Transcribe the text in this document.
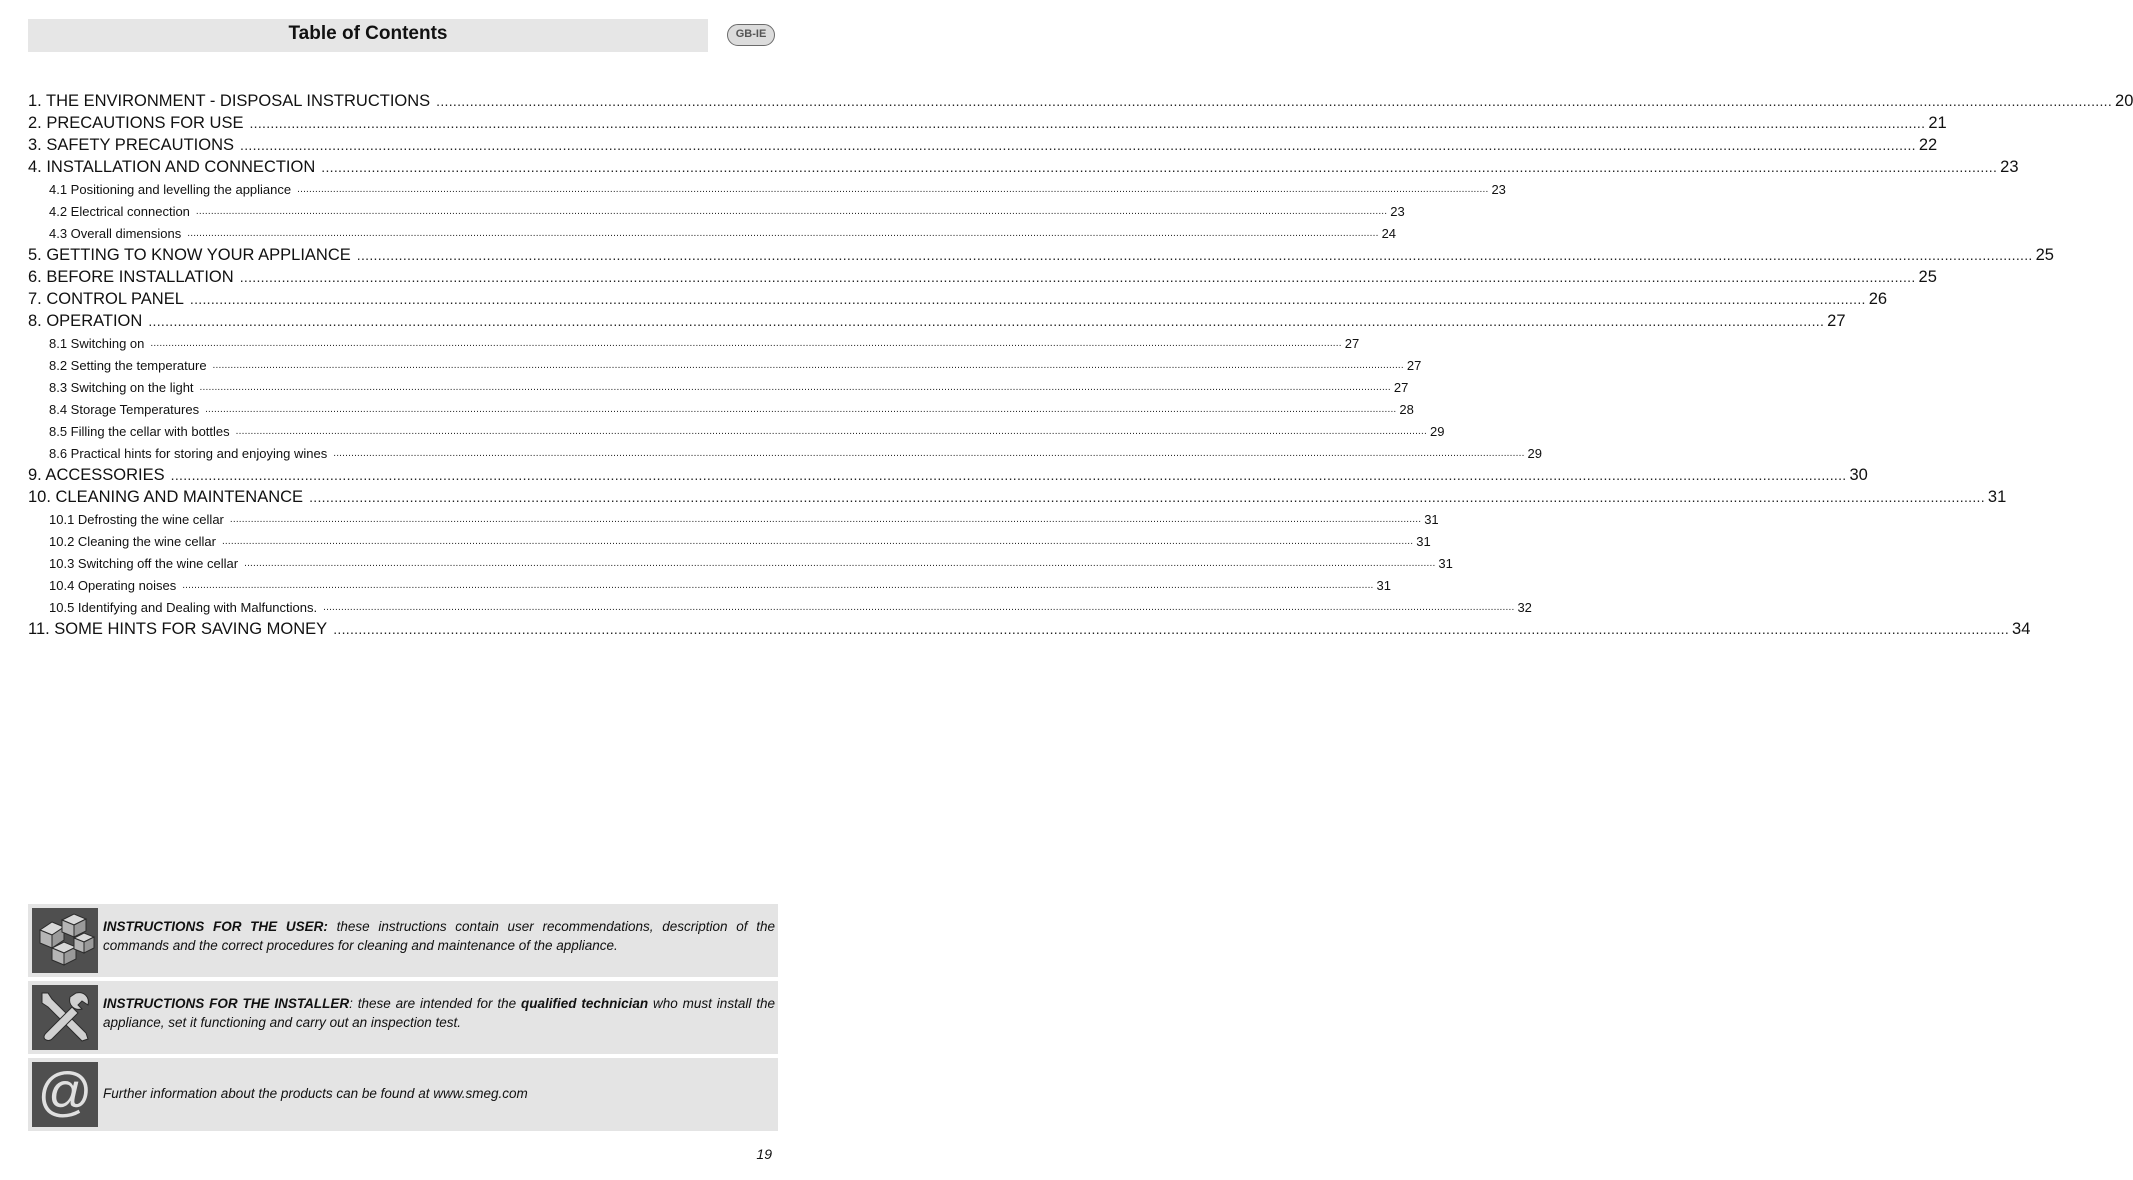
Table of Contents	GB-IE
1. THE ENVIRONMENT - DISPOSAL INSTRUCTIONS ................................................................................................................................................................................................................................................................................................................................................................................................................ 20
2. PRECAUTIONS FOR USE ................................................................................................................................................................................................................................................................................................................................................................................................................ 21
3. SAFETY PRECAUTIONS ................................................................................................................................................................................................................................................................................................................................................................................................................ 22
4. INSTALLATION AND CONNECTION ................................................................................................................................................................................................................................................................................................................................................................................................................ 23
4.1 Positioning and levelling the appliance ................................................................................................................................................................................................................................................................................................................................................................................................................ 23
4.2 Electrical connection ................................................................................................................................................................................................................................................................................................................................................................................................................ 23
4.3 Overall dimensions ................................................................................................................................................................................................................................................................................................................................................................................................................ 24
5. GETTING TO KNOW YOUR APPLIANCE ................................................................................................................................................................................................................................................................................................................................................................................................................ 25
6. BEFORE INSTALLATION ................................................................................................................................................................................................................................................................................................................................................................................................................ 25
7. CONTROL PANEL ................................................................................................................................................................................................................................................................................................................................................................................................................ 26
8. OPERATION ................................................................................................................................................................................................................................................................................................................................................................................................................ 27
8.1 Switching on ................................................................................................................................................................................................................................................................................................................................................................................................................ 27
8.2 Setting the temperature ................................................................................................................................................................................................................................................................................................................................................................................................................ 27
8.3 Switching on the light ................................................................................................................................................................................................................................................................................................................................................................................................................ 27
8.4 Storage Temperatures ................................................................................................................................................................................................................................................................................................................................................................................................................ 28
8.5 Filling the cellar with bottles ................................................................................................................................................................................................................................................................................................................................................................................................................ 29
8.6 Practical hints for storing and enjoying wines ................................................................................................................................................................................................................................................................................................................................................................................................................ 29
9. ACCESSORIES ................................................................................................................................................................................................................................................................................................................................................................................................................ 30
10. CLEANING AND MAINTENANCE ................................................................................................................................................................................................................................................................................................................................................................................................................ 31
10.1 Defrosting the wine cellar ................................................................................................................................................................................................................................................................................................................................................................................................................ 31
10.2 Cleaning the wine cellar ................................................................................................................................................................................................................................................................................................................................................................................................................ 31
10.3 Switching off the wine cellar ................................................................................................................................................................................................................................................................................................................................................................................................................ 31
10.4 Operating noises ................................................................................................................................................................................................................................................................................................................................................................................................................ 31
10.5 Identifying and Dealing with Malfunctions. ................................................................................................................................................................................................................................................................................................................................................................................................................ 32
11. SOME HINTS FOR SAVING MONEY ................................................................................................................................................................................................................................................................................................................................................................................................................ 34
INSTRUCTIONS FOR THE USER: these instructions contain user recommendations, description of the commands and the correct procedures for cleaning and maintenance of the appliance.
INSTRUCTIONS FOR THE INSTALLER: these are intended for the qualified technician who must install the appliance, set it functioning and carry out an inspection test.
@ Further information about the products can be found at www.smeg.com
19
